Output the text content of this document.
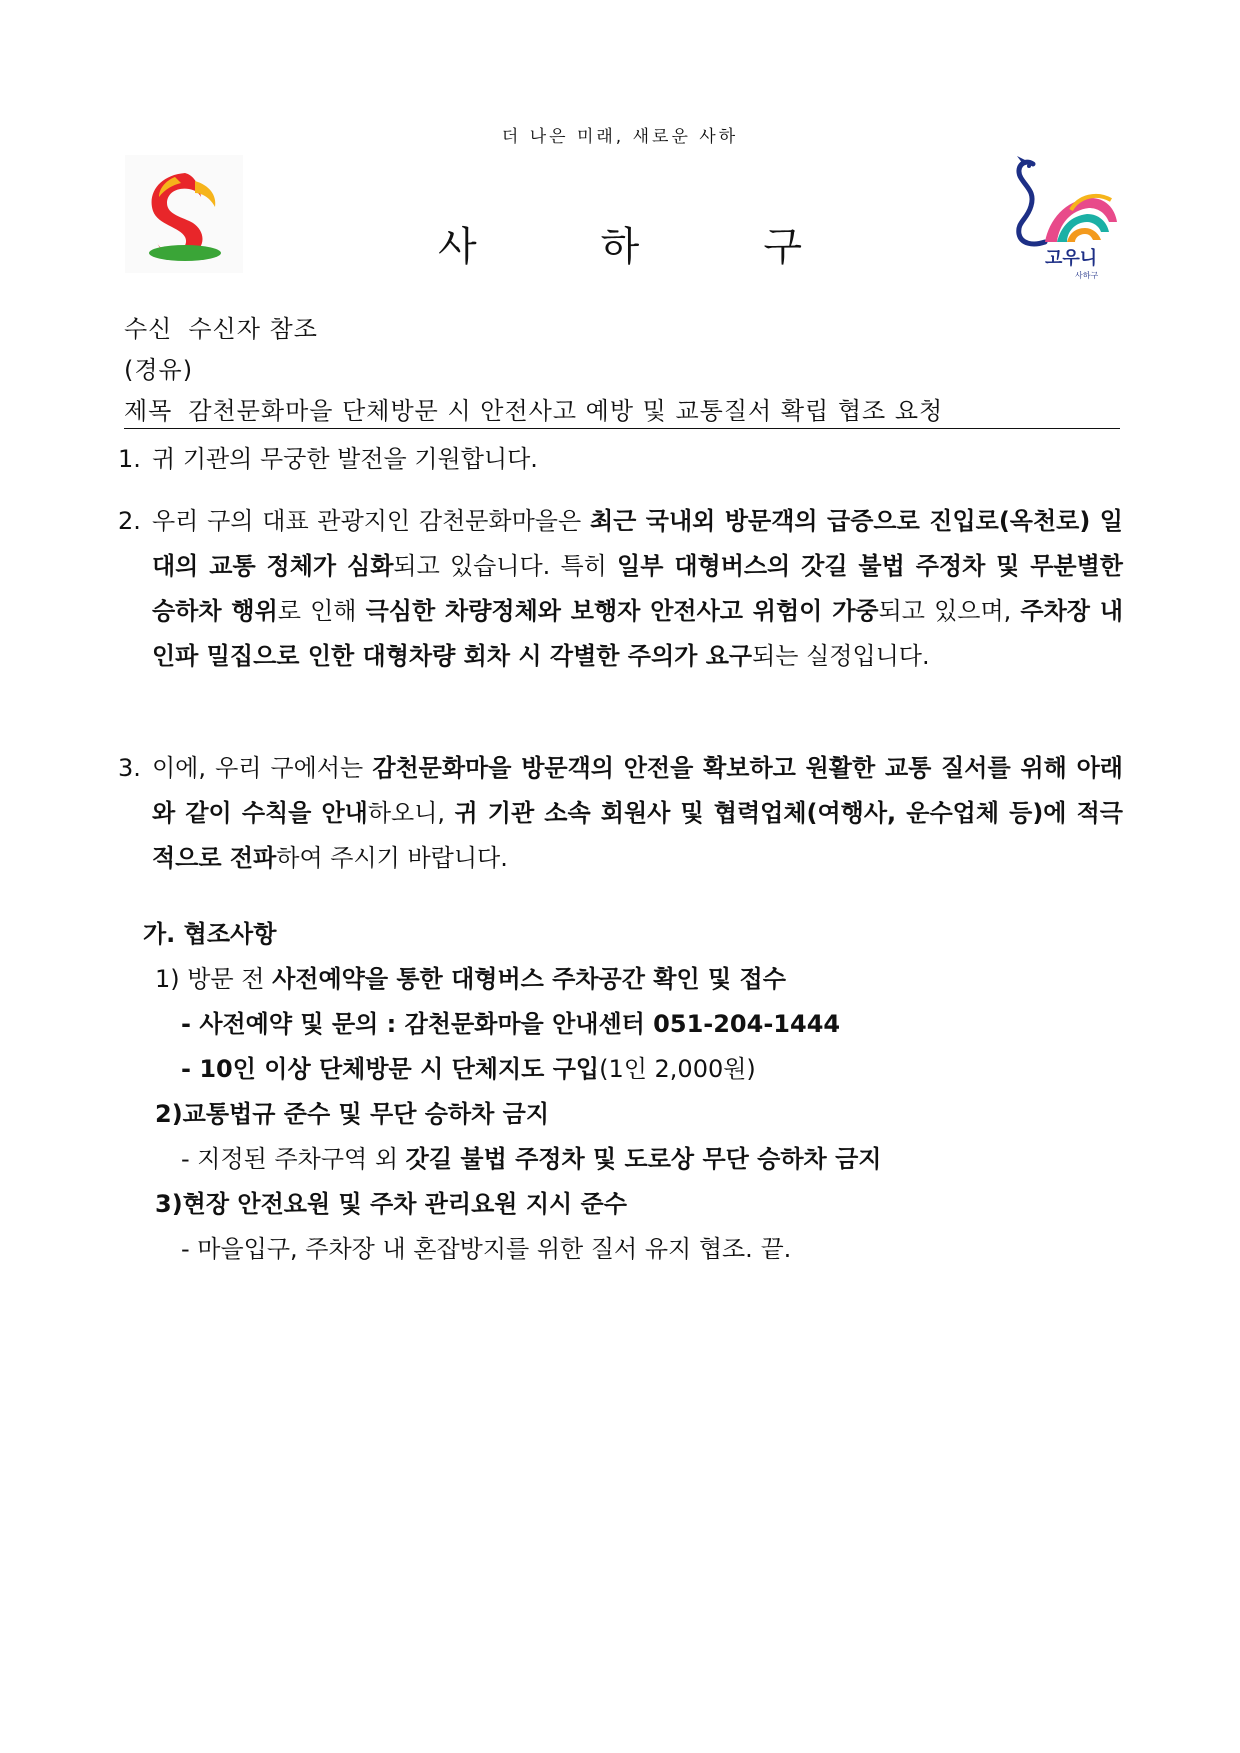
더 나은 미래, 새로운 사하
사	하	구	고우니
사하구
수신 수신자 참조
(경유)
제목 감천문화마을 단체방문 시 안전사고 예방 및 교통질서 확립 협조 요청
1. 귀 기관의 무궁한 발전을 기원합니다.
2. 우리 구의 대표 관광지인 감천문화마을은 최근 국내외 방문객의 급증으로 진입로(옥천로) 일대의 교통 정체가 심화되고 있습니다. 특히 일부 대형버스의 갓길 불법 주정차 및 무분별한 승하차 행위로 인해 극심한 차량정체와 보행자 안전사고 위험이 가중되고 있으며, 주차장 내 인파 밀집으로 인한 대형차량 회차 시 각별한 주의가 요구되는 실정입니다.
3. 이에, 우리 구에서는 감천문화마을 방문객의 안전을 확보하고 원활한 교통 질서를 위해 아래와 같이 수칙을 안내하오니, 귀 기관 소속 회원사 및 협력업체(여행사, 운수업체 등)에 적극적으로 전파하여 주시기 바랍니다.
가. 협조사항
1) 방문 전 사전예약을 통한 대형버스 주차공간 확인 및 접수
- 사전예약 및 문의 : 감천문화마을 안내센터 051-204-1444
- 10인 이상 단체방문 시 단체지도 구입(1인 2,000원)
2)교통법규 준수 및 무단 승하차 금지
- 지정된 주차구역 외 갓길 불법 주정차 및 도로상 무단 승하차 금지
3)현장 안전요원 및 주차 관리요원 지시 준수
- 마을입구, 주차장 내 혼잡방지를 위한 질서 유지 협조. 끝.
